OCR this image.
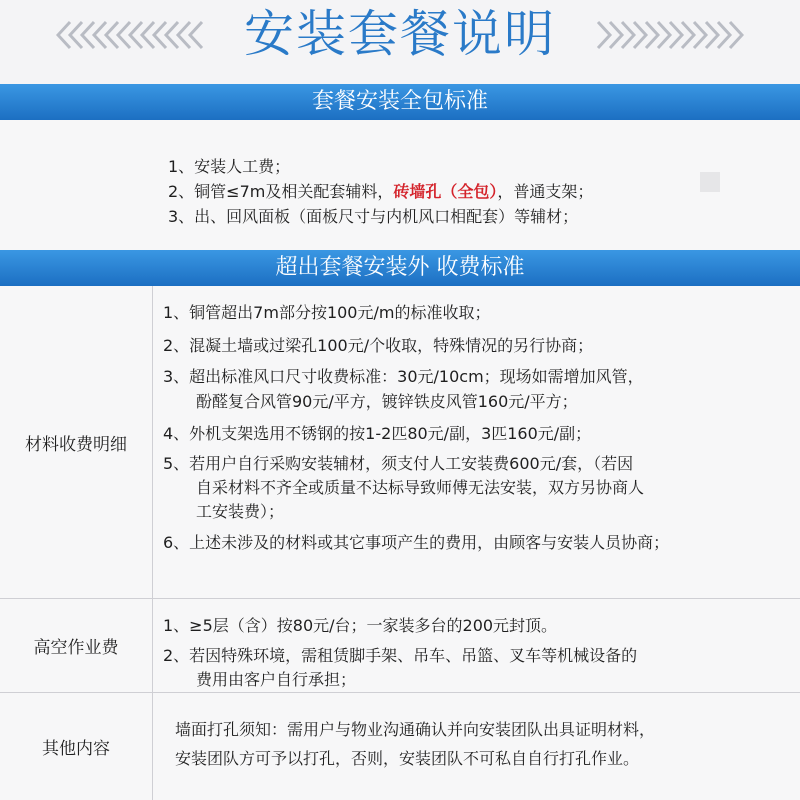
安装套餐说明
套餐安装全包标准
1、安装人工费；
2、铜管≤7m及相关配套辅料，砖墙孔（全包），普通支架；
3、出、回风面板（面板尺寸与内机风口相配套）等辅材；
超出套餐安装外 收费标准
材料收费明细
1、铜管超出7m部分按100元/m的标准收取；
2、混凝土墙或过梁孔100元/个收取，特殊情况的另行协商；
3、超出标准风口尺寸收费标准：30元/10cm；现场如需增加风管，
酚醛复合风管90元/平方，镀锌铁皮风管160元/平方；
4、外机支架选用不锈钢的按1-2匹80元/副，3匹160元/副；
5、若用户自行采购安装辅材，须支付人工安装费600元/套，（若因
自采材料不齐全或质量不达标导致师傅无法安装，双方另协商人
工安装费）；
6、上述未涉及的材料或其它事项产生的费用，由顾客与安装人员协商；
高空作业费
1、≥5层（含）按80元/台；一家装多台的200元封顶。
2、若因特殊环境，需租赁脚手架、吊车、吊篮、叉车等机械设备的
费用由客户自行承担；
其他内容
墙面打孔须知：需用户与物业沟通确认并向安装团队出具证明材料，
安装团队方可予以打孔，否则，安装团队不可私自自行打孔作业。
